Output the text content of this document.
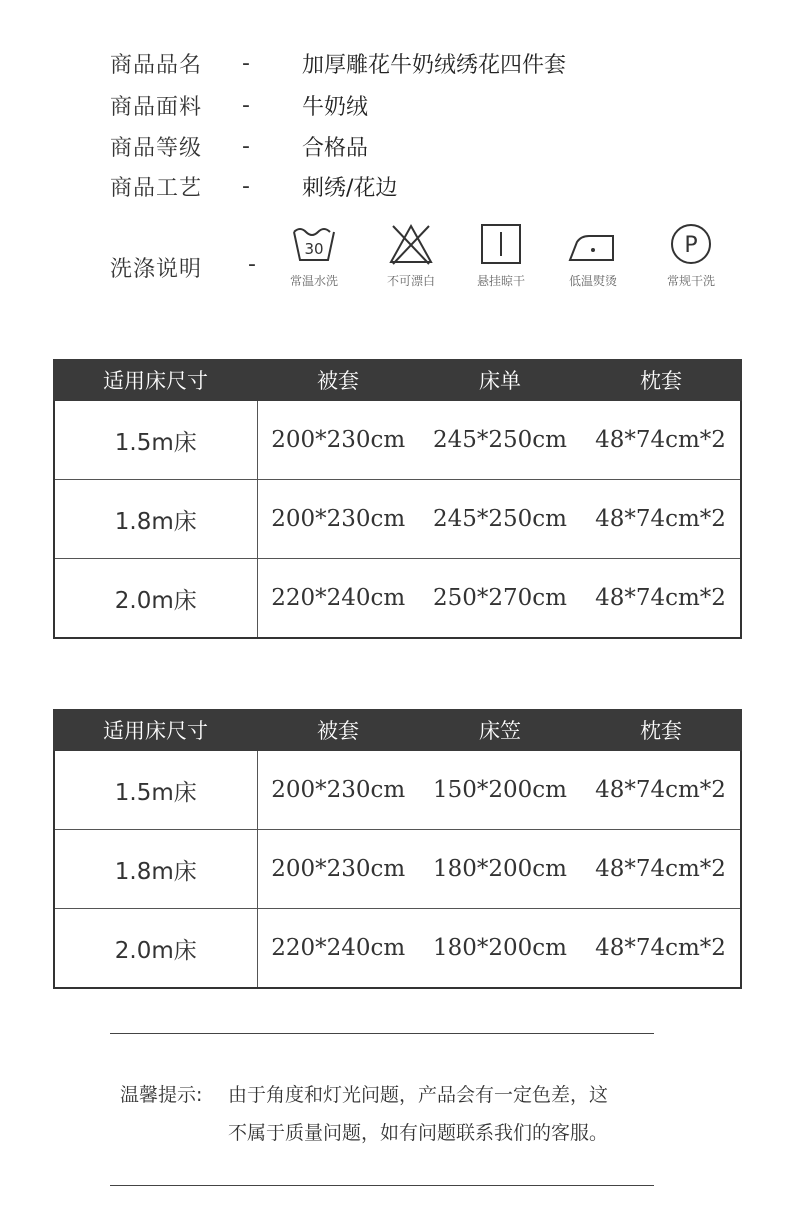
商品品名	-	加厚雕花牛奶绒绣花四件套
商品面料	-	牛奶绒
商品等级	-	合格品
商品工艺	-	刺绣/花边
洗涤说明 -
30
常温水洗	不可漂白	悬挂晾干	低温熨烫
P
常规干洗
适用床尺寸	被套	床单	枕套
1.5m床	200*230cm	245*250cm	48*74cm*2
1.8m床	200*230cm	245*250cm	48*74cm*2
2.0m床	220*240cm	250*270cm	48*74cm*2
适用床尺寸	被套	床笠	枕套
1.5m床	200*230cm	150*200cm	48*74cm*2
1.8m床	200*230cm	180*200cm	48*74cm*2
2.0m床	220*240cm	180*200cm	48*74cm*2
温馨提示: 由于角度和灯光问题，产品会有一定色差，这
不属于质量问题，如有问题联系我们的客服。
